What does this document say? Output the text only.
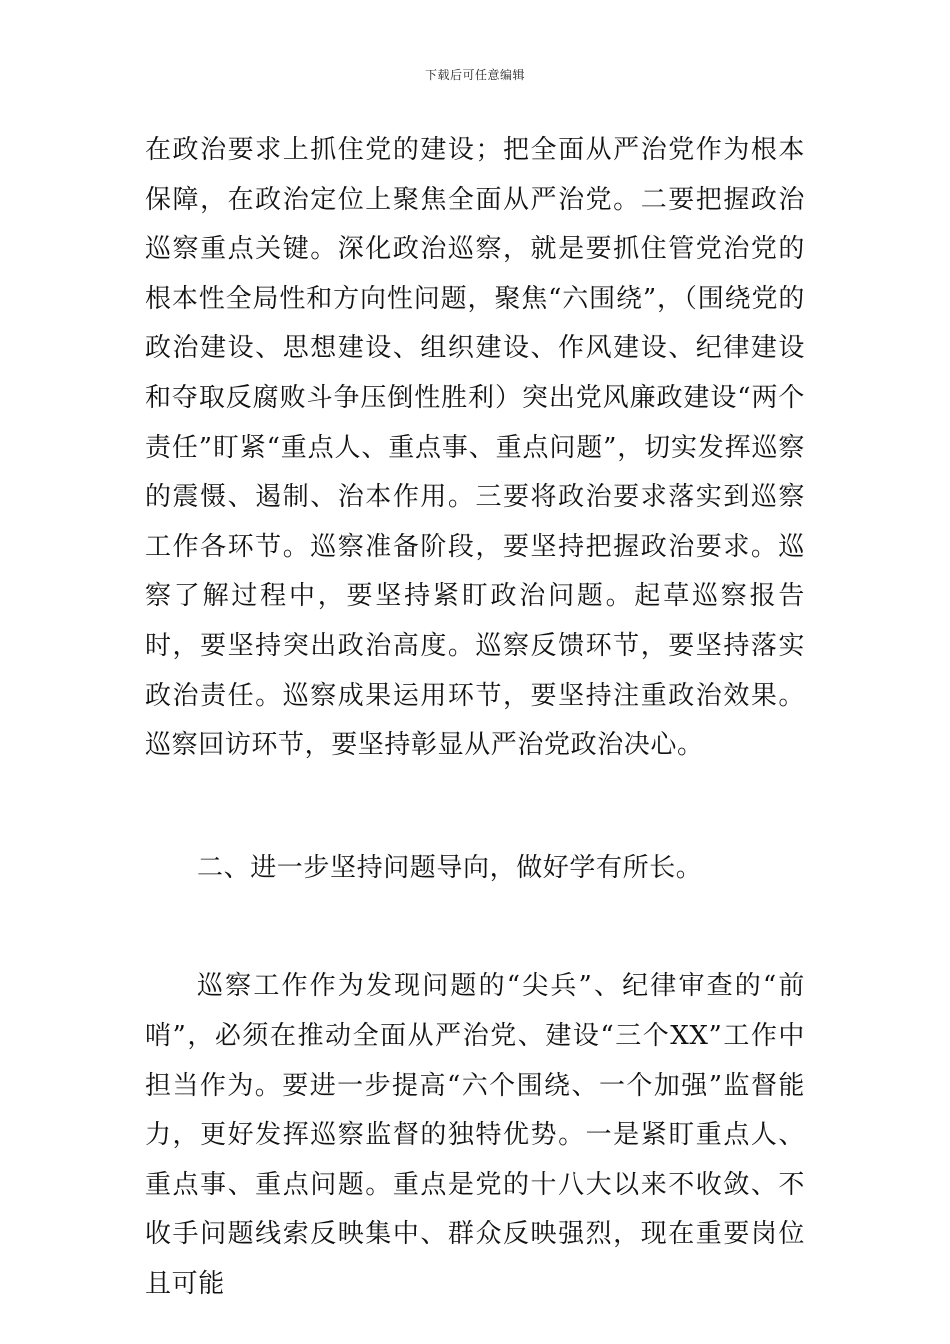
下载后可任意编辑

在政治要求上抓住党的建设；把全面从严治党作为根本保障，在政治定位上聚焦全面从严治党。二要把握政治巡察重点关键。深化政治巡察，就是要抓住管党治党的根本性全局性和方向性问题，聚焦“六围绕”，（围绕党的政治建设、思想建设、组织建设、作风建设、纪律建设和夺取反腐败斗争压倒性胜利）突出党风廉政建设“两个责任”盯紧“重点人、重点事、重点问题”，切实发挥巡察的震慑、遏制、治本作用。三要将政治要求落实到巡察工作各环节。巡察准备阶段，要坚持把握政治要求。巡察了解过程中，要坚持紧盯政治问题。起草巡察报告时，要坚持突出政治高度。巡察反馈环节，要坚持落实政治责任。巡察成果运用环节，要坚持注重政治效果。巡察回访环节，要坚持彰显从严治党政治决心。

二、进一步坚持问题导向，做好学有所长。

巡察工作作为发现问题的“尖兵”、纪律审查的“前哨”，必须在推动全面从严治党、建设“三个XX”工作中担当作为。要进一步提高“六个围绕、一个加强”监督能力，更好发挥巡察监督的独特优势。一是紧盯重点人、重点事、重点问题。重点是党的十八大以来不收敛、不收手问题线索反映集中、群众反映强烈，现在重要岗位且可能
